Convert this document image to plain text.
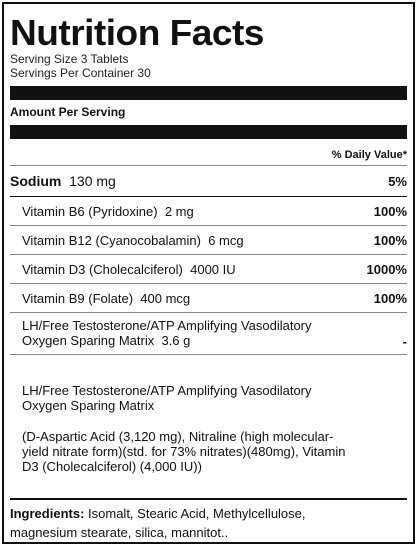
Nutrition Facts
Serving Size 3 Tablets
Servings Per Container 30
Amount Per Serving
% Daily Value*
Sodium 130 mg	5%
Vitamin B6 (Pyridoxine) 2 mg	100%
Vitamin B12 (Cyanocobalamin) 6 mcg	100%
Vitamin D3 (Cholecalciferol) 4000 IU	1000%
Vitamin B9 (Folate) 400 mcg	100%
LH/Free Testosterone/ATP Amplifying Vasodilatory
Oxygen Sparing Matrix 3.6 g	-
LH/Free Testosterone/ATP Amplifying Vasodilatory
Oxygen Sparing Matrix
(D-Aspartic Acid (3,120 mg), Nitraline (high molecular-
yield nitrate form)(std. for 73% nitrates)(480mg), Vitamin
D3 (Cholecalciferol) (4,000 IU))
Ingredients: Isomalt, Stearic Acid, Methylcellulose,
magnesium stearate, silica, mannitot..
